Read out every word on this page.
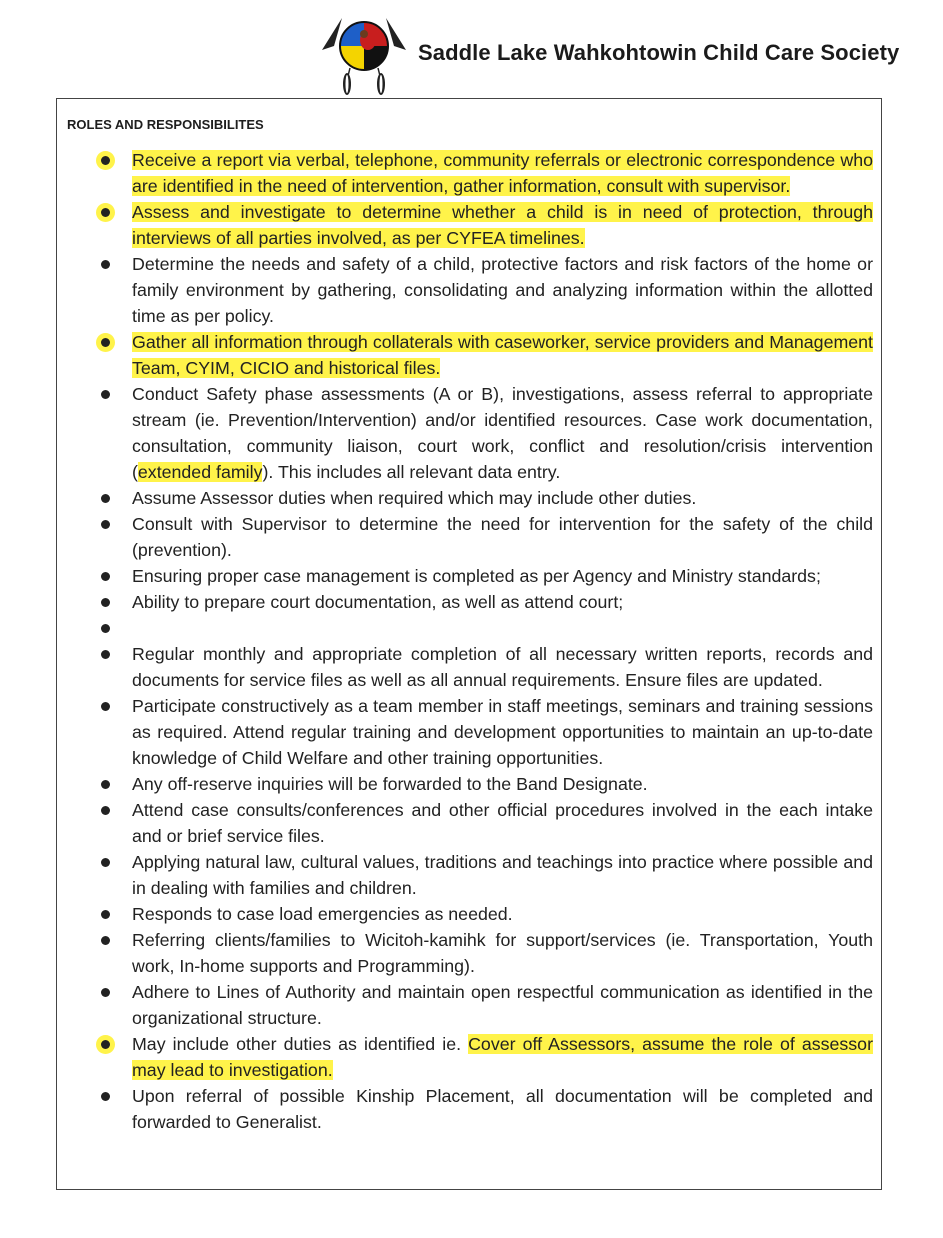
Saddle Lake Wahkohtowin Child Care Society
ROLES AND RESPONSIBILITES
Receive a report via verbal, telephone, community referrals or electronic correspondence who are identified in the need of intervention, gather information, consult with supervisor.
Assess and investigate to determine whether a child is in need of protection, through interviews of all parties involved, as per CYFEA timelines.
Determine the needs and safety of a child, protective factors and risk factors of the home or family environment by gathering, consolidating and analyzing information within the allotted time as per policy.
Gather all information through collaterals with caseworker, service providers and Management Team, CYIM, CICIO and historical files.
Conduct Safety phase assessments (A or B), investigations, assess referral to appropriate stream (ie. Prevention/Intervention) and/or identified resources. Case work documentation, consultation, community liaison, court work, conflict and resolution/crisis intervention (extended family). This includes all relevant data entry.
Assume Assessor duties when required which may include other duties.
Consult with Supervisor to determine the need for intervention for the safety of the child (prevention).
Ensuring proper case management is completed as per Agency and Ministry standards;
Ability to prepare court documentation, as well as attend court;
Regular monthly and appropriate completion of all necessary written reports, records and documents for service files as well as all annual requirements. Ensure files are updated.
Participate constructively as a team member in staff meetings, seminars and training sessions as required. Attend regular training and development opportunities to maintain an up-to-date knowledge of Child Welfare and other training opportunities.
Any off-reserve inquiries will be forwarded to the Band Designate.
Attend case consults/conferences and other official procedures involved in the each intake and or brief service files.
Applying natural law, cultural values, traditions and teachings into practice where possible and in dealing with families and children.
Responds to case load emergencies as needed.
Referring clients/families to Wicitoh-kamihk for support/services (ie. Transportation, Youth work, In-home supports and Programming).
Adhere to Lines of Authority and maintain open respectful communication as identified in the organizational structure.
May include other duties as identified ie. Cover off Assessors, assume the role of assessor may lead to investigation.
Upon referral of possible Kinship Placement, all documentation will be completed and forwarded to Generalist.
